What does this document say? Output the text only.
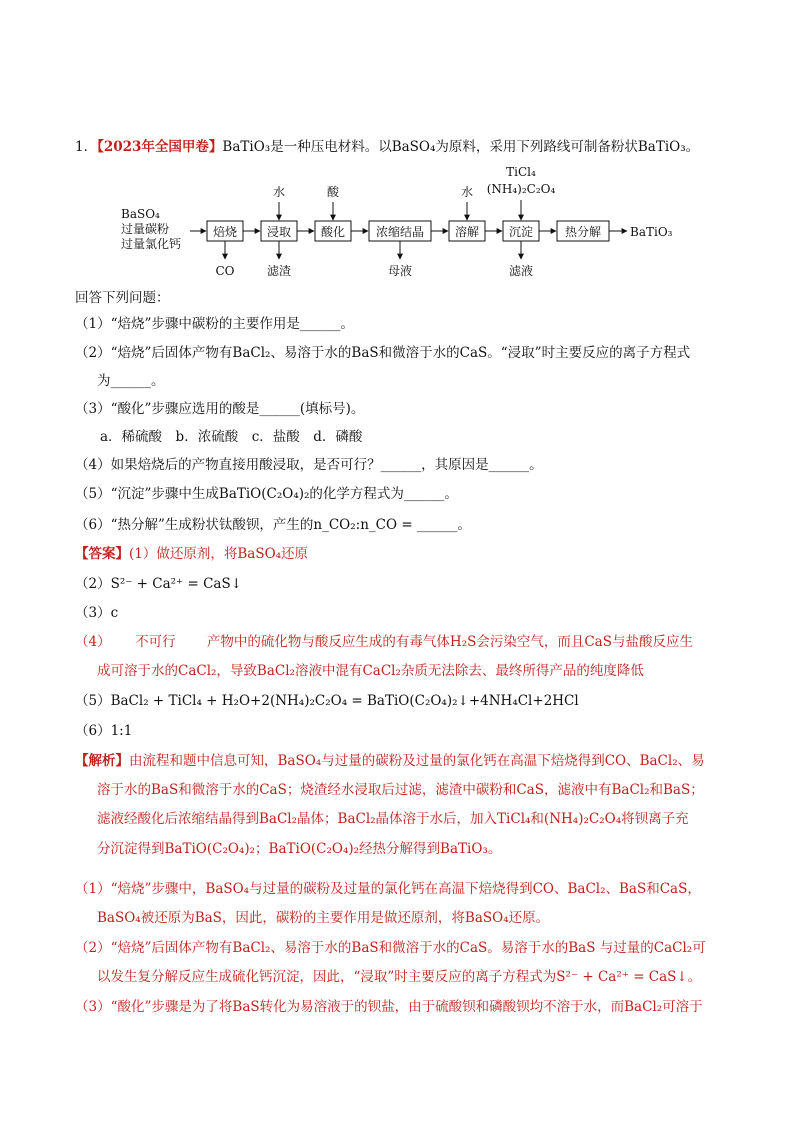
1．【2023年全国甲卷】BaTiO₃是一种压电材料。以BaSO₄为原料，采用下列路线可制备粉状BaTiO₃。
BaSO₄
过量碳粉
过量氯化钙
焙烧 浸取 酸化	浓缩结晶	溶解 沉淀	热分解 BaTiO₃
水	酸	水
TiCl₄
(NH₄)₂C₂O₄
CO	滤渣	母液	滤液
回答下列问题：
（1）“焙烧”步骤中碳粉的主要作用是______。
（2）“焙烧”后固体产物有BaCl₂、易溶于水的BaS和微溶于水的CaS。“浸取”时主要反应的离子方程式
为______。
（3）“酸化”步骤应选用的酸是______(填标号)。
a．稀硫酸　b．浓硫酸　c．盐酸　d．磷酸
（4）如果焙烧后的产物直接用酸浸取，是否可行？______，其原因是______。
（5）“沉淀”步骤中生成BaTiO(C₂O₄)₂的化学方程式为______。
（6）“热分解”生成粉状钛酸钡，产生的n_CO₂:n_CO = ______。
【答案】(1）做还原剂，将BaSO₄还原
（2）S²⁻ + Ca²⁺ = CaS↓
（3）c
（4）　　 不可行　　 产物中的硫化物与酸反应生成的有毒气体H₂S会污染空气，而且CaS与盐酸反应生
成可溶于水的CaCl₂，导致BaCl₂溶液中混有CaCl₂杂质无法除去、最终所得产品的纯度降低
（5）BaCl₂ + TiCl₄ + H₂O+2(NH₄)₂C₂O₄ = BaTiO(C₂O₄)₂↓+4NH₄Cl+2HCl
（6）1:1
【解析】由流程和题中信息可知，BaSO₄与过量的碳粉及过量的氯化钙在高温下焙烧得到CO、BaCl₂、易
溶于水的BaS和微溶于水的CaS；烧渣经水浸取后过滤，滤渣中碳粉和CaS，滤液中有BaCl₂和BaS；
滤液经酸化后浓缩结晶得到BaCl₂晶体；BaCl₂晶体溶于水后，加入TiCl₄和(NH₄)₂C₂O₄将钡离子充
分沉淀得到BaTiO(C₂O₄)₂；BaTiO(C₂O₄)₂经热分解得到BaTiO₃。
（1）“焙烧”步骤中，BaSO₄与过量的碳粉及过量的氯化钙在高温下焙烧得到CO、BaCl₂、BaS和CaS，
BaSO₄被还原为BaS，因此，碳粉的主要作用是做还原剂，将BaSO₄还原。
（2）“焙烧”后固体产物有BaCl₂、易溶于水的BaS和微溶于水的CaS。易溶于水的BaS 与过量的CaCl₂可
以发生复分解反应生成硫化钙沉淀，因此，“浸取”时主要反应的离子方程式为S²⁻ + Ca²⁺ = CaS↓。
（3）“酸化”步骤是为了将BaS转化为易溶液于的钡盐，由于硫酸钡和磷酸钡均不溶于水，而BaCl₂可溶于
